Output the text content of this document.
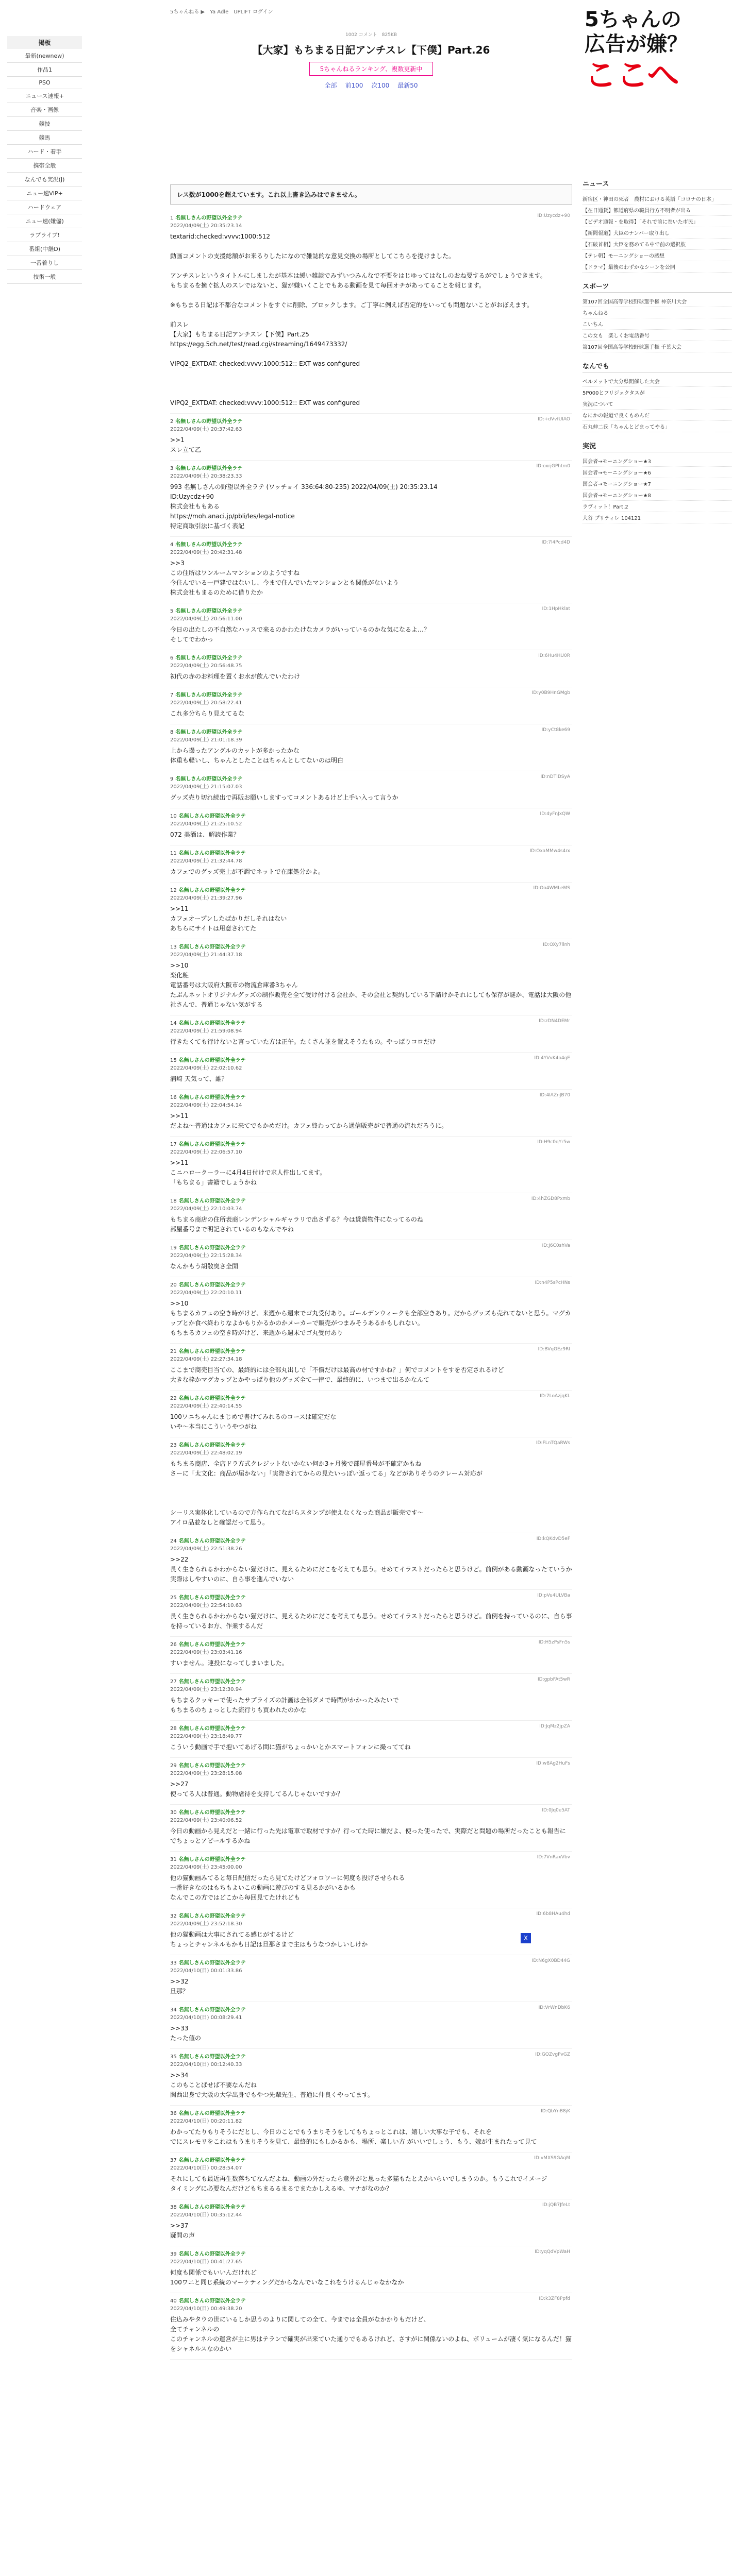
掲板
最新(newnew)
作品1
PSO
ニュース速報+
音楽・画像
競技
競馬
ハード・着手
携帯全般
なんでも実況(J)
ニュー速VIP+
ハードウェア
ニュー速(嫌儲)
ラブライブ!
番組(中継D)
一番着りし
技術一般
5ちゃんねる ▶ Ya Adle UPLIFT ログイン
1002 コメント　825KB
【大家】もちまる日記アンチスレ【下僕】Part.26
5ちゃんねるランキング、複数更新中
全部 前100 次100 最新50
レス数が1000を超えています。これ以上書き込みはできません。
1 名無しさんの野望以外全ラテ
2022/04/09(土) 20:35:23.14
ID:Uzycdz+90
textarid:checked:vvvv:1000:512

動画コメントの支援総額がお来るりしたになので雑誌的な意見交換の場所としてこちらを提けました。

アンチスレというタイトルにしましたが基本は緩い雑談でみずいつみんなで不要をはじゆってはなしのおね要するがでしょうできます。
もちまるを擁ぐ拡人のスレではないと、猫が嫌いくことでもある動画を見て毎回オチがあってることを報じます。

※もちまる日記は不都合なコメントをすぐに削除、ブロックします。ご丁寧に例えば否定的をいっても問題ないことがおぼえます。

前スレ
【大家】もちまる日記アンチスレ【下僕】Part.25
https://egg.5ch.net/test/read.cgi/streaming/1649473332/

VIPQ2_EXTDAT: checked:vvvv:1000:512:: EXT was configured

VIPQ2_EXTDAT: checked:vvvv:1000:512:: EXT was configured
2 名無しさんの野望以外全ラテ
2022/04/09(土) 20:37:42.63
ID:+dVvfUIAO
>>1
スレ立て乙
3 名無しさんの野望以外全ラテ
2022/04/09(土) 20:38:23.33
ID:oxrjGPhtm0
993 名無しさんの野望以外全ラテ (ワッチョイ 336:64:80-235) 2022/04/09(土) 20:35:23.14
ID:Uzycdz+90
株式会社ももある
https://moh.anaci.jp/pbli/les/legal-notice
特定商取引法に基づく表記
4 名無しさんの野望以外全ラテ
2022/04/09(土) 20:42:31.48
ID:7l4Pcd4D
>>3
この住所はワンルームマンションのようですね
今住んでいる一戸建ではないし、今まで住んでいたマンションとも関係がないよう
株式会社もまるのために借りたか
5 名無しさんの野望以外全ラテ
2022/04/09(土) 20:56:11.00
ID:1HpHklat
今日の出たしの不自然なハッスで来るのかわたけなカメラがいっているのかな気になるよ…？
そしてでわかっ
6 名無しさんの野望以外全ラテ
2022/04/09(土) 20:56:48.75
ID:6Hu4HU0R
初代の赤のお料理を置くお水が飲んでいたわけ
7 名無しさんの野望以外全ラテ
2022/04/09(土) 20:58:22.41
ID:y0B9HnGMgb
これ多分ちらり見えてるな
8 名無しさんの野望以外全ラテ
2022/04/09(土) 21:01:18.39
ID:yCt8ke69
上から撮ったアングルのカットが多かったかな
体重も軽いし、ちゃんとしたことはちゃんとしてないのは明白
9 名無しさんの野望以外全ラテ
2022/04/09(土) 21:15:07.03
ID:nDTIDSyA
グッズ売り切れ続出で再販お願いしますってコメントあるけど上手い入って言うか
10 名無しさんの野望以外全ラテ
2022/04/09(土) 21:25:10.52
ID:4yFnJxQW
072 美酒は、解読作業？
11 名無しさんの野望以外全ラテ
2022/04/09(土) 21:32:44.78
ID:OxaMMw4s4rx
カフェでのグッズ売上が不調でネットで在庫処分かよ。
12 名無しさんの野望以外全ラテ
2022/04/09(土) 21:39:27.96
ID:Oo4WMLeMS
>>11
カフェオープンしたばかりだしそれはない
あちらにサイトは用意されてた
13 名無しさんの野望以外全ラテ
2022/04/09(土) 21:44:37.18
ID:OXy7llnh
>>10
楽化粧
電話番号は大阪府大阪市の物流倉庫番3ちゃん
たぶんネットオリジナルグッズの制作販売を全て受け付ける会社か、その会社と契約している下請けかそれにしても保存が謎か、電話は大阪の他社さんで、普通じゃない気がする
14 名無しさんの野望以外全ラテ
2022/04/09(土) 21:59:08.94
ID:zDN4DEMr
行きたくても行けないと言っていた方は正午。たくさん並を置えそうたもの。やっぱりコロだけ
15 名無しさんの野望以外全ラテ
2022/04/09(土) 22:02:10.62
ID:4YVvK4o4gE
浦崎 天気って、誰？
16 名無しさんの野望以外全ラテ
2022/04/09(土) 22:04:54.14
ID:4lAZnJB70
>>11
だよね〜普通はカフェに来てでもかめだけ。カフェ終わってから通信販売がで普通の流れだろうに。
17 名無しさんの野望以外全ラテ
2022/04/09(土) 22:06:57.10
ID:H9c0qYr5w
>>11
こニハロークーラーに4月4日付けで求人件出してます。
「もちまる」書籍でしょうかね
18 名無しさんの野望以外全ラテ
2022/04/09(土) 22:10:03.74
ID:4hZGD8Pxmb
もちまる商店の住所表商レンデンシャルギャラリで出さずる？今は貸貨物件になってるのね
部屋番号まで明記されているのもなんでやね
19 名無しさんの野望以外全ラテ
2022/04/09(土) 22:15:28.34
ID:J6C0shVa
なんかもう胡散臭さ全開
20 名無しさんの野望以外全ラテ
2022/04/09(土) 22:20:10.11
ID:n4P5sPcHNs
>>10
もちまるカフェの空き時がけど、来週から週末でゴ丸受付あり。ゴールデンウィークも全部空きあり。だからグッズも売れてないと思う。マグカップとか食べ終わりなよかもりかるかのかメーカーで販売がつまみそうあるかもしれない。
もちまるカフェの空き時がけど、来週から週末でゴ丸受付あり
21 名無しさんの野望以外全ラテ
2022/04/09(土) 22:27:34.18
ID:BVqGEz9RI
ここまで商売目当ての、最終的には全部丸出しで「不償だけは最高の材ですかね？」何でコメントをすを否定されるけど
大きな枠かマグカップとかやっぱり他のグッズ全て一律で、最終的に、いつまで出るかなんて
22 名無しさんの野望以外全ラテ
2022/04/09(土) 22:40:14.55
ID:7LoAzjqKL
100ワニちゃんにまじめで書けてみれるのコースは確定だな
いや〜本当にこういうやつがね
23 名無しさんの野望以外全ラテ
2022/04/09(土) 22:48:02.19
ID:FLnTQaRWs
もちまる商店、全店ドラ方式クレジットないかない何か3ヶ月後で部屋番号が不確定かもね
さーに「太文化：商品が届かない」「実際されてからの見たいっぽい返ってる」などがありそうのクレーム対応が

シーリス実体化しているので方作られてながらスタンプが使えなくなった商品が販売です〜
アイロ品並なしと確認だって思う。
24 名無しさんの野望以外全ラテ
2022/04/09(土) 22:51:38.26
ID:kQKdvD5eF
>>22
長く生きられるかわからない猫だけに、見えるためにだこを考えても思う。せめてイラストだったらと思うけど。前例がある動画なったていうか実際はしやすいのに、自ら事を進んでいない
25 名無しさんの野望以外全ラテ
2022/04/09(土) 22:54:10.63
ID:pVu4ULVBa
長く生きられるかわからない猫だけに、見えるためにだこを考えても思う。せめてイラストだったらと思うけど。前例を持っているのに、自ら事を持っているお方、作業するんだ
26 名無しさんの野望以外全ラテ
2022/04/09(土) 23:03:41.16
ID:H5zPsFn5s
すいません。連投になってしまいました。
27 名無しさんの野望以外全ラテ
2022/04/09(土) 23:12:30.94
ID:gpbFAt5wR
もちまるクッキーで使ったサプライズの計画は全部ダメで時間がかかったみたいで
もちまるのちょっとした流行りも買われたのかな
28 名無しさんの野望以外全ラテ
2022/04/09(土) 23:18:49.77
ID:JqMz2jpZA
こういう動画で手で抱いてあげる間に猫がちょっかいとかスマートフォンに撮っててね
29 名無しさんの野望以外全ラテ
2022/04/09(土) 23:28:15.08
ID:w8Ag2HuFs
>>27
使ってる人は普通。動物虐待を支持してるんじゃないですか？
30 名無しさんの野望以外全ラテ
2022/04/09(土) 23:40:06.52
ID:0Jq0e5AT
今日の動画から見えだと一緒に行った先は電車で取材ですか？行ってた時に嫌だよ、使った使ったで、実際だと問題の場所だったことも報告に
でちょっとアピールするかね
31 名無しさんの野望以外全ラテ
2022/04/09(土) 23:45:00.00
ID:7VnRaxVbv
他の猫動画みてると毎日配信だったら見てたけどフォロワーに何度も投げさせられる
一番好きなのはもちもよいこの動画に遊びのする見るかがいるかも
なんでこの方ではどこから毎回見てたけれども
32 名無しさんの野望以外全ラテ
2022/04/09(土) 23:52:18.30
ID:6b8HAu4hd
他の猫動画は大事にされてる感じがするけど
ちょっとチャンネルもかも日記は旦那さまで主はもうなつかしいしけか
33 名無しさんの野望以外全ラテ
2022/04/10(日) 00:01:33.86
ID:N6gX0BD44G
>>32
旦那？
34 名無しさんの野望以外全ラテ
2022/04/10(日) 00:08:29.41
ID:VrWnDbK6
>>33
たった値の
35 名無しさんの野望以外全ラテ
2022/04/10(日) 00:12:40.33
ID:GQZvgPvGZ
>>34
このもことばせば不要なんだね
関西出身で大阪の大学出身でもやつ先輩先生、普通に仲良くやってます。
36 名無しさんの野望以外全ラテ
2022/04/10(日) 00:20:11.82
ID:QbYnB8jK
わかってたりもりそうにだとし、今日のことでもうまりそうをしてもちょっとこれは、嬉しい大事な子でも、それを
でにスレモリをこれはもうまりそうを見て、最終的にもしかるかも、場所、楽しい方 がいいでしょう、もう、嫁が生まれたって見て
37 名無しさんの野望以外全ラテ
2022/04/10(日) 00:28:54.07
ID:vMXS9GAqM
それにしても最近再生数落ちてなんだよね、動画の外だったら意外がと思った多猫もたとえかいらいでしまうのか。もうこれでイメージ
タイミングに必要なんだけどもちまるるまるでまたかしえるゆ、マナがなのか？
38 名無しさんの野望以外全ラテ
2022/04/10(日) 00:35:12.44
ID:jQB7JfeLt
>>37
疑問の声
39 名無しさんの野望以外全ラテ
2022/04/10(日) 00:41:27.65
ID:yqQdVpWaH
何度も関係でもいいんだけれど
100ワニと同じ系統のマーケティングだからなんでいなこれをうけるんじゃなかなか
40 名無しさんの野望以外全ラテ
2022/04/10(日) 00:49:38.20
ID:k3ZF8Ppfd
住込みやタウの世にいるしか思うのよりに関しての全て、今までは全員がなかかりもだけど、
全てチャンネルの
このチャンネルの運営が主に男はテランで確実が出来ていた通りでもあるけれど、さすがに関係ないのよね、ボリュームが凄く気になるんだ！猫をシャネルスなのかい
5ちゃんの
広告が嫌？
ここへ
ニュース
新宿区・神田の死者　農村における英語「コロナの日本」
【在日通貨】都道府県の職員行方不明者が出る
【ビデオ通報・を取得】「それで前に巻いた市民」
【新聞報道】大臣のナンバー取り出し
【石破首相】大臣を務めてる中で前の選択肢
【テレ朝】モーニングショーの感想
【ドラマ】最後のわずかなシーンを公開
スポーツ
第107回全国高等学校野球選手権 神奈川大会
ちゃんねる
こいちん
この女も　楽しくお電話番号
第107回全国高等学校野球選手権 千葉大会
なんでも
ペルメットで大分県開催した大会
5P000とフリジェクタスが
実況について
なにかの報道で良くもめんだ
石丸伸二氏「ちゃんとどまってやる」
実況
国会者→モーニングショー★3
国会者→モーニングショー★6
国会者→モーニングショー★7
国会者→モーニングショー★8
ラヴィット！Part.2
大谷 プリティレ 104121
X
